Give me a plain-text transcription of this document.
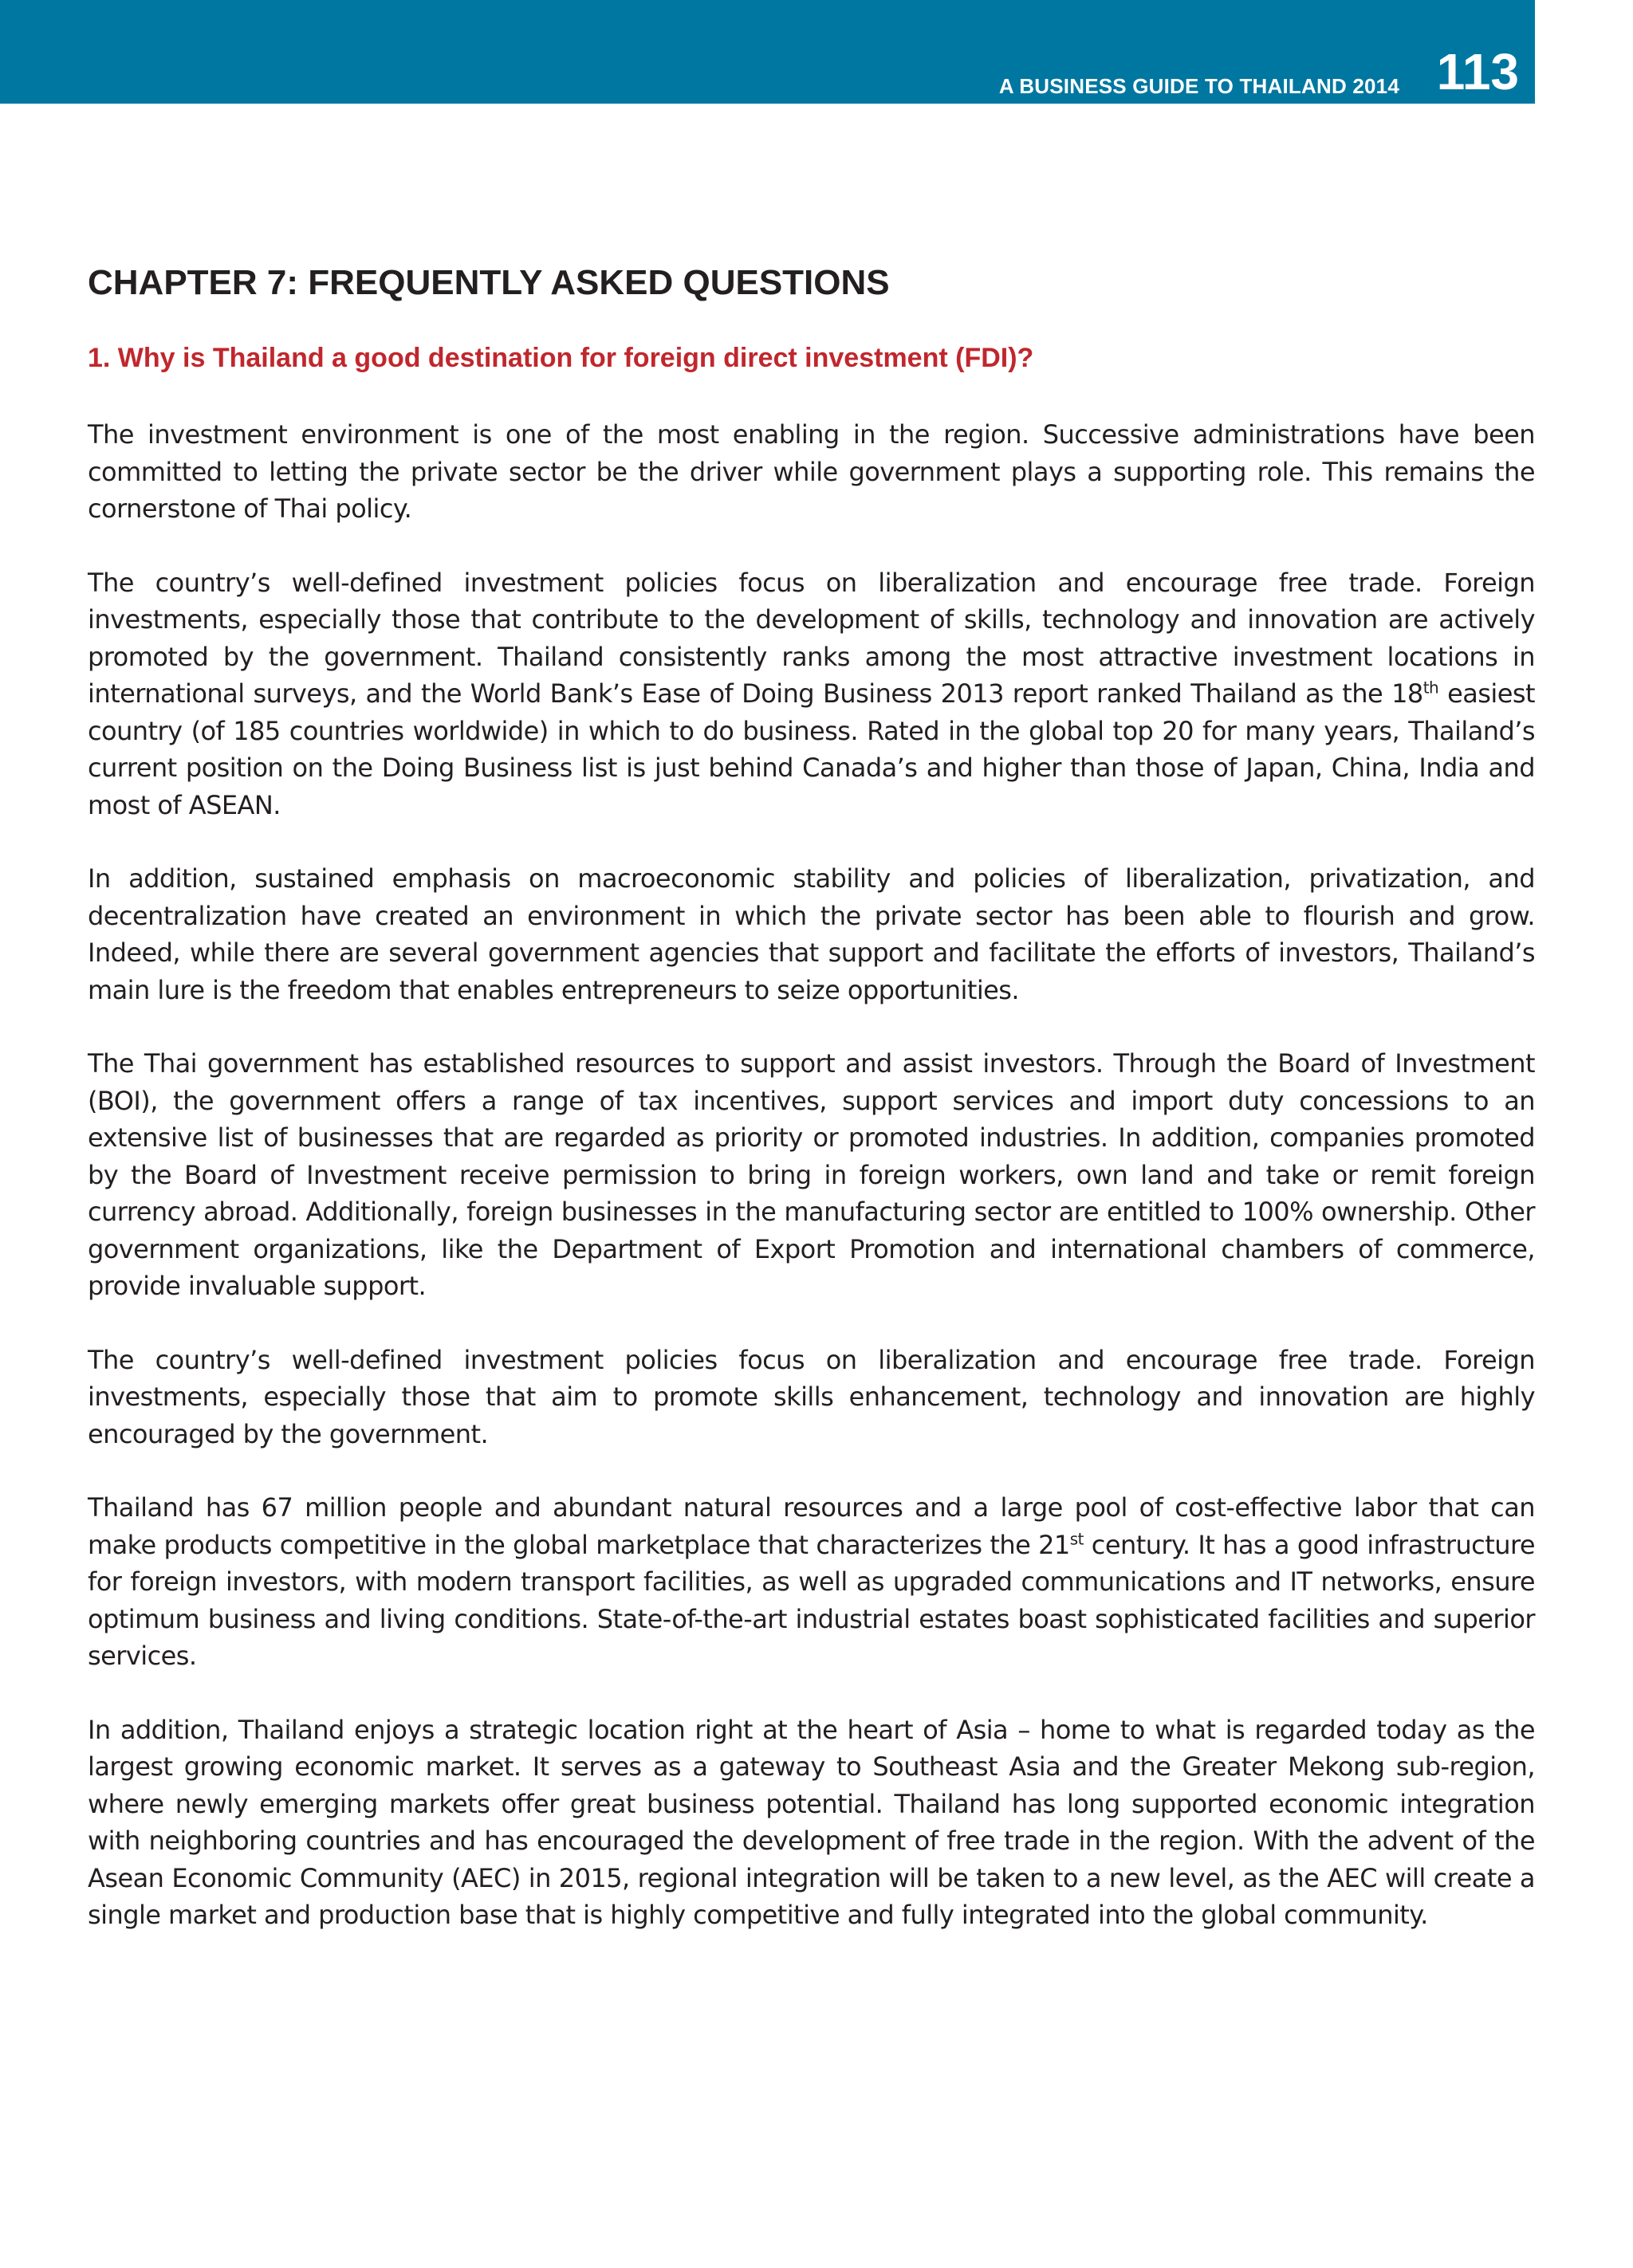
A BUSINESS GUIDE TO THAILAND 2014 113
CHAPTER 7: FREQUENTLY ASKED QUESTIONS
1. Why is Thailand a good destination for foreign direct investment (FDI)?

The investment environment is one of the most enabling in the region. Successive administrations have been committed to letting the private sector be the driver while government plays a supporting role. This remains the cornerstone of Thai policy.

The country’s well-defined investment policies focus on liberalization and encourage free trade. Foreign investments, especially those that contribute to the development of skills, technology and innovation are actively promoted by the government. Thailand consistently ranks among the most attractive investment locations in international surveys, and the World Bank’s Ease of Doing Business 2013 report ranked Thailand as the 18th easiest country (of 185 countries worldwide) in which to do business. Rated in the global top 20 for many years, Thailand’s current position on the Doing Business list is just behind Canada’s and higher than those of Japan, China, India and most of ASEAN.

In addition, sustained emphasis on macroeconomic stability and policies of liberalization, privatization, and decentralization have created an environment in which the private sector has been able to flourish and grow. Indeed, while there are several government agencies that support and facilitate the efforts of investors, Thailand’s main lure is the freedom that enables entrepreneurs to seize opportunities.

The Thai government has established resources to support and assist investors. Through the Board of Investment (BOI), the government offers a range of tax incentives, support services and import duty concessions to an extensive list of businesses that are regarded as priority or promoted industries. In addition, companies promoted by the Board of Investment receive permission to bring in foreign workers, own land and take or remit foreign currency abroad. Additionally, foreign businesses in the manufacturing sector are entitled to 100% ownership. Other government organizations, like the Department of Export Promotion and international chambers of commerce, provide invaluable support.

The country’s well-defined investment policies focus on liberalization and encourage free trade. Foreign investments, especially those that aim to promote skills enhancement, technology and innovation are highly encouraged by the government.

Thailand has 67 million people and abundant natural resources and a large pool of cost-effective labor that can make products competitive in the global marketplace that characterizes the 21st century. It has a good infrastructure for foreign investors, with modern transport facilities, as well as upgraded communications and IT networks, ensure optimum business and living conditions. State-of-the-art industrial estates boast sophisticated facilities and superior services.

In addition, Thailand enjoys a strategic location right at the heart of Asia – home to what is regarded today as the largest growing economic market. It serves as a gateway to Southeast Asia and the Greater Mekong sub-region, where newly emerging markets offer great business potential. Thailand has long supported economic integration with neighboring countries and has encouraged the development of free trade in the region. With the advent of the Asean Economic Community (AEC) in 2015, regional integration will be taken to a new level, as the AEC will create a single market and production base that is highly competitive and fully integrated into the global community.
